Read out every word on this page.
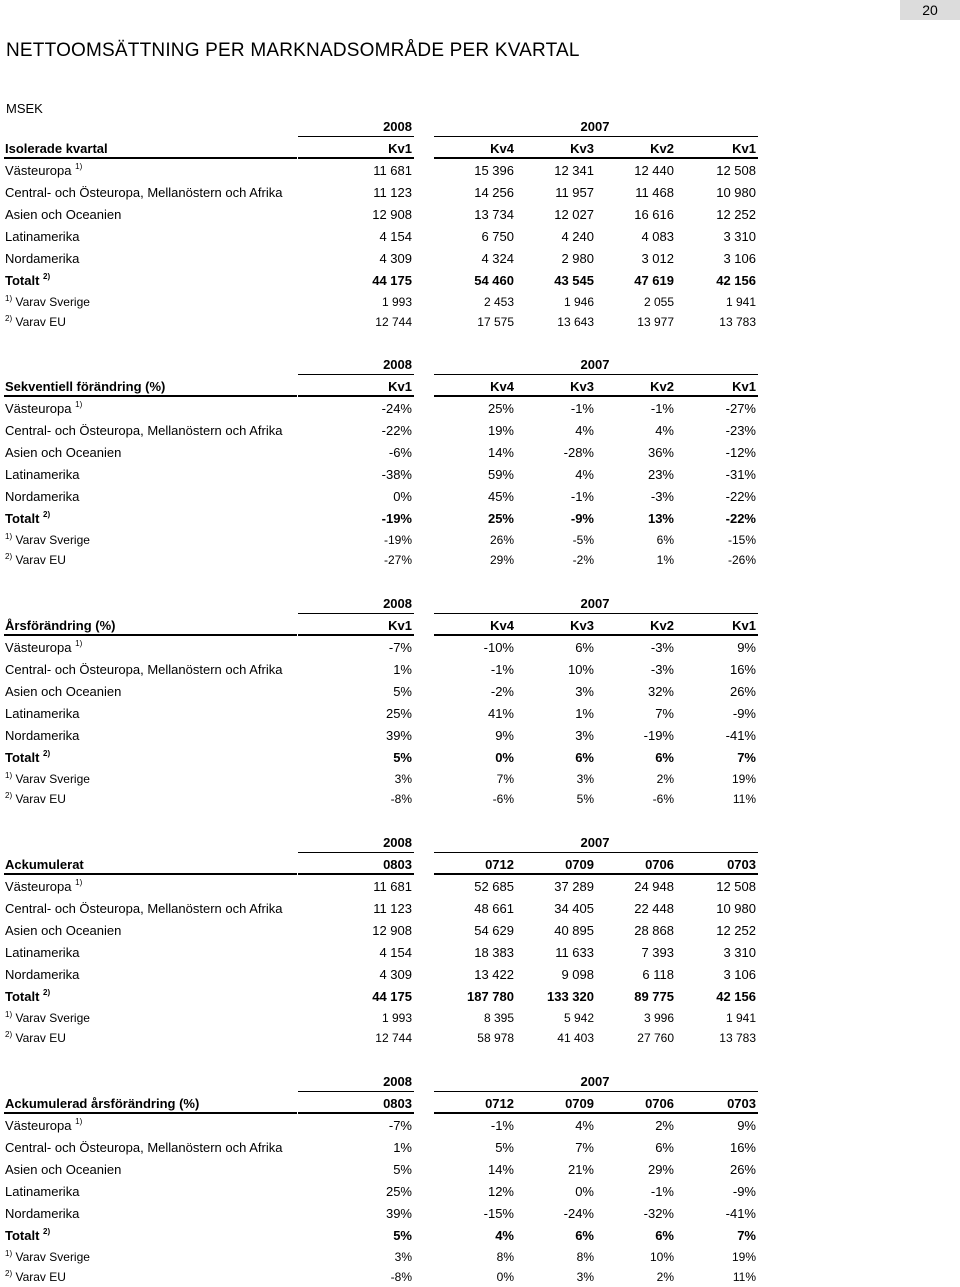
20
NETTOOMSÄTTNING PER MARKNADSOMRÅDE PER KVARTAL
MSEK
2008	2007
Isolerade kvartal	Kv1	Kv4	Kv3	Kv2	Kv1
Västeuropa $^{1)}$	11 681	15 396	12 341	12 440	12 508
Central- och Östeuropa, Mellanöstern och Afrika	11 123	14 256	11 957	11 468	10 980
Asien och Oceanien	12 908	13 734	12 027	16 616	12 252
Latinamerika	4 154	6 750	4 240	4 083	3 310
Nordamerika	4 309	4 324	2 980	3 012	3 106
Totalt $^{2)}$	44 175	54 460	43 545	47 619	42 156
$^{1)}$ Varav Sverige	1 993	2 453	1 946	2 055	1 941
$^{2)}$ Varav EU	12 744	17 575	13 643	13 977	13 783
2008	2007
Sekventiell förändring (%)	Kv1	Kv4	Kv3	Kv2	Kv1
Västeuropa $^{1)}$	-24%	25%	-1%	-1%	-27%
Central- och Östeuropa, Mellanöstern och Afrika	-22%	19%	4%	4%	-23%
Asien och Oceanien	-6%	14%	-28%	36%	-12%
Latinamerika	-38%	59%	4%	23%	-31%
Nordamerika	0%	45%	-1%	-3%	-22%
Totalt $^{2)}$	-19%	25%	-9%	13%	-22%
$^{1)}$ Varav Sverige	-19%	26%	-5%	6%	-15%
$^{2)}$ Varav EU	-27%	29%	-2%	1%	-26%
2008	2007
Årsförändring (%)	Kv1	Kv4	Kv3	Kv2	Kv1
Västeuropa $^{1)}$	-7%	-10%	6%	-3%	9%
Central- och Östeuropa, Mellanöstern och Afrika	1%	-1%	10%	-3%	16%
Asien och Oceanien	5%	-2%	3%	32%	26%
Latinamerika	25%	41%	1%	7%	-9%
Nordamerika	39%	9%	3%	-19%	-41%
Totalt $^{2)}$	5%	0%	6%	6%	7%
$^{1)}$ Varav Sverige	3%	7%	3%	2%	19%
$^{2)}$ Varav EU	-8%	-6%	5%	-6%	11%
2008	2007
Ackumulerat	0803	0712	0709	0706	0703
Västeuropa $^{1)}$	11 681	52 685	37 289	24 948	12 508
Central- och Östeuropa, Mellanöstern och Afrika	11 123	48 661	34 405	22 448	10 980
Asien och Oceanien	12 908	54 629	40 895	28 868	12 252
Latinamerika	4 154	18 383	11 633	7 393	3 310
Nordamerika	4 309	13 422	9 098	6 118	3 106
Totalt $^{2)}$	44 175	187 780	133 320	89 775	42 156
$^{1)}$ Varav Sverige	1 993	8 395	5 942	3 996	1 941
$^{2)}$ Varav EU	12 744	58 978	41 403	27 760	13 783
2008	2007
Ackumulerad årsförändring (%)	0803	0712	0709	0706	0703
Västeuropa $^{1)}$	-7%	-1%	4%	2%	9%
Central- och Östeuropa, Mellanöstern och Afrika	1%	5%	7%	6%	16%
Asien och Oceanien	5%	14%	21%	29%	26%
Latinamerika	25%	12%	0%	-1%	-9%
Nordamerika	39%	-15%	-24%	-32%	-41%
Totalt $^{2)}$	5%	4%	6%	6%	7%
$^{1)}$ Varav Sverige	3%	8%	8%	10%	19%
$^{2)}$ Varav EU	-8%	0%	3%	2%	11%
